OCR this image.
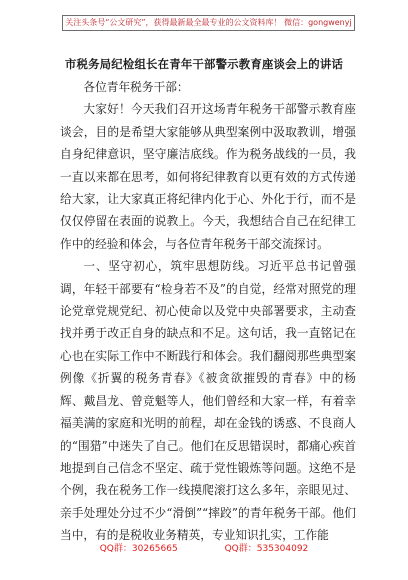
关注头条号“公文研究”，获得最新最全最专业的公文资料库！ 微信：gongwenyj
市税务局纪检组长在青年干部警示教育座谈会上的讲话

各位青年税务干部：

大家好！今天我们召开这场青年税务干部警示教育座谈会，目的是希望大家能够从典型案例中汲取教训，增强自身纪律意识，坚守廉洁底线。作为税务战线的一员，我一直以来都在思考，如何将纪律教育以更有效的方式传递给大家，让大家真正将纪律内化于心、外化于行，而不是仅仅停留在表面的说教上。今天，我想结合自己在纪律工作中的经验和体会，与各位青年税务干部交流探讨。

一、坚守初心，筑牢思想防线。习近平总书记曾强调，年轻干部要有“检身若不及”的自觉，经常对照党的理论党章党规党纪、初心使命以及党中央部署要求，主动查找并勇于改正自身的缺点和不足。这句话，我一直铭记在心也在实际工作中不断践行和体会。我们翻阅那些典型案例像《折翼的税务青春》《被贪欲摧毁的青春》中的杨辉、戴昌龙、曾竞魁等人，他们曾经和大家一样，有着幸福美满的家庭和光明的前程，却在金钱的诱惑、不良商人的“围猎”中迷失了自己。他们在反思错误时，都痛心疾首地提到自己信念不坚定、疏于党性锻炼等问题。这绝不是个例，我在税务工作一线摸爬滚打这么多年，亲眼见过、亲手处理处分过不少“滑倒”“摔跤”的青年税务干部。他们当中，有的是税收业务精英，专业知识扎实，工作能

QQ群：30265665	QQ群：535304092
